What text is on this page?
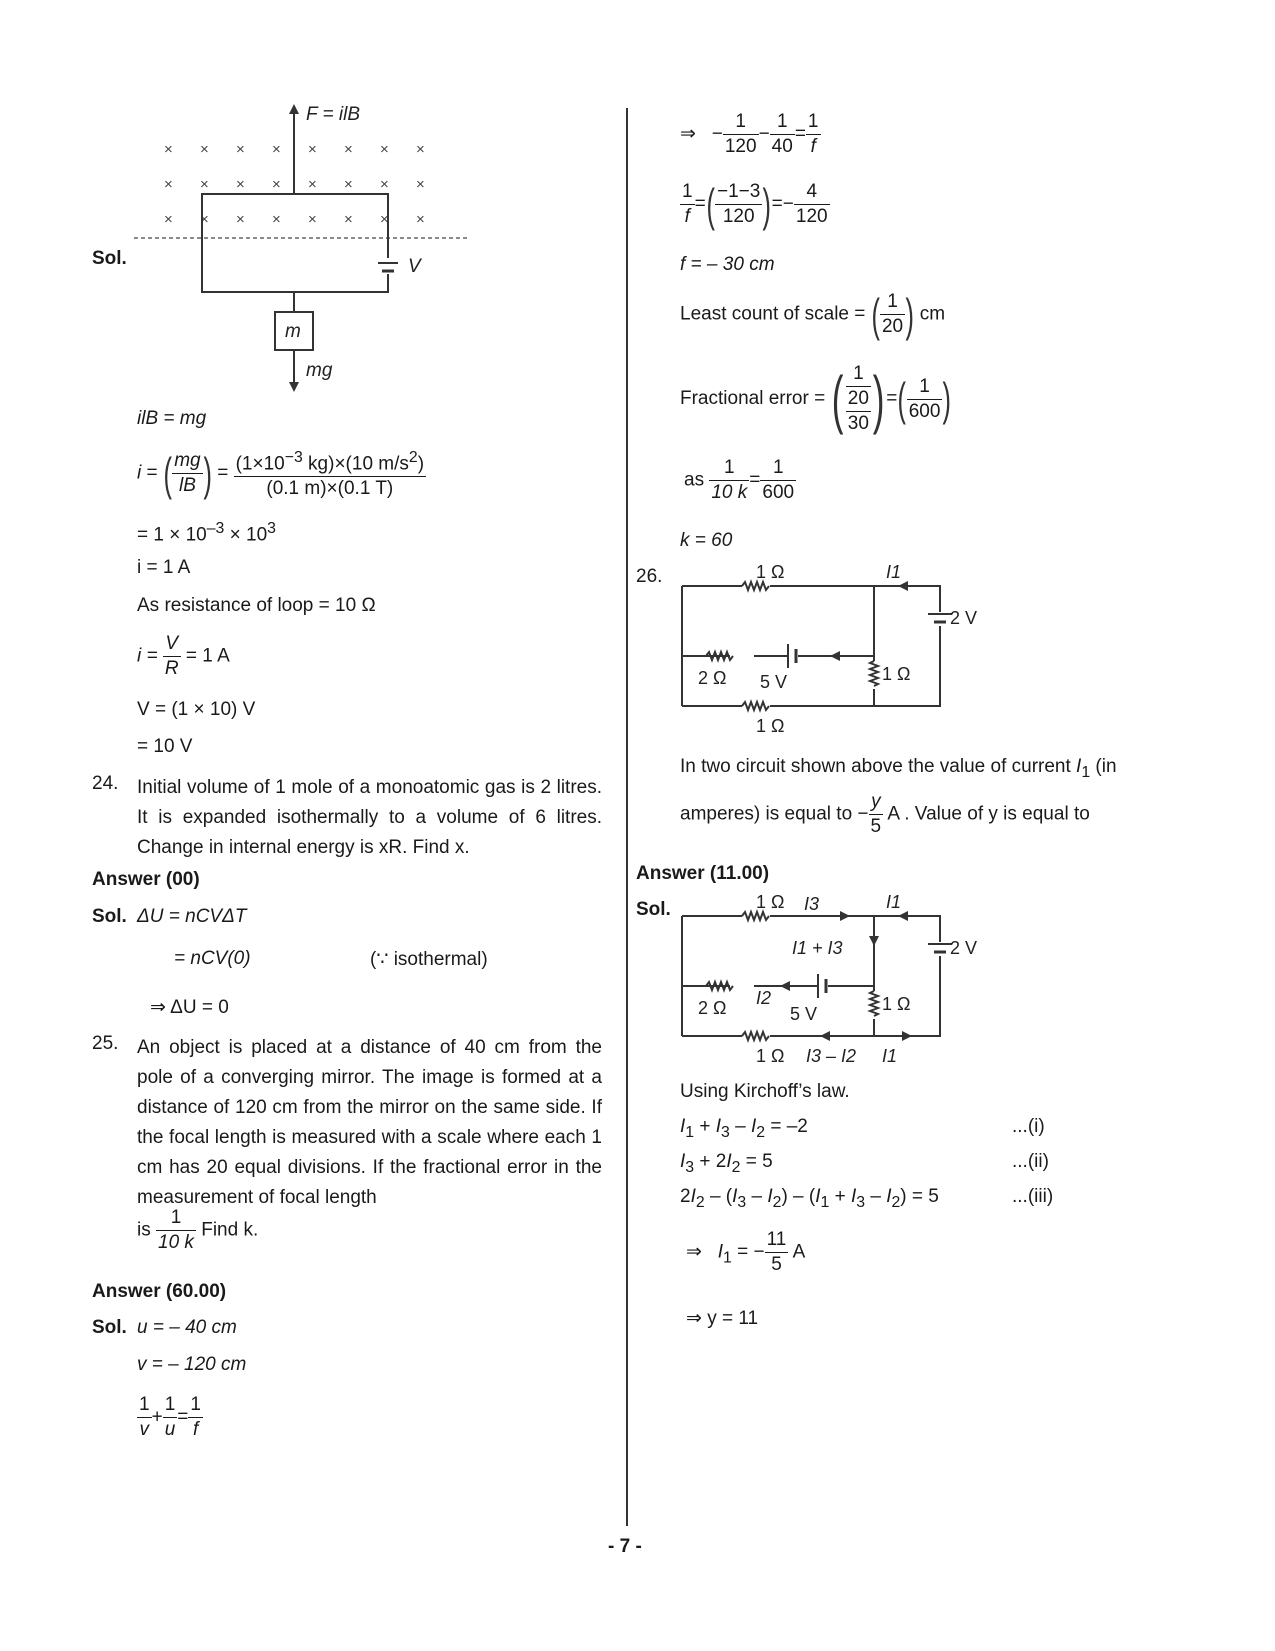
Sol.
× × × × × × × ×
× × × × × × × ×
× × × × × × × ×
V
F = ilB
m
mg
ilB = mg
i = ( $\frac{mg}{lB}$ ) = $\frac{(1\times 10^{-3} kg)\times(10 m/s^2)}{(0.1 m)\times(0.1 T)}$
= $1 \times 10^{-3} \times 10^3$
i = 1 A
As resistance of loop = 10 Ω
$i = \frac{V}{R} = 1$ A
V = (1 × 10) V
= 10 V
24. Initial volume of 1 mole of a monoatomic gas is 2 litres. It is expanded isothermally to a volume of 6 litres. Change in internal energy is xR. Find x.
Answer (00)
Sol. ΔU = nCVΔT
= nCV(0)	(∵ isothermal)
⇒ ΔU = 0
25. An object is placed at a distance of 40 cm from the pole of a converging mirror. The image is formed at a distance of 120 cm from the mirror on the same side. If the focal length is measured with a scale where each 1 cm has 20 equal divisions. If the fractional error in the measurement of focal length
is $\frac{1}{10 k}$ Find k.
Answer (60.00)
Sol. u = – 40 cm
v = – 120 cm
$\frac{1}{v} + \frac{1}{u} = \frac{1}{f}$
⇒   − $\frac{1}{120} - \frac{1}{40} = \frac{1}{f}$
$\frac{1}{f}$ =( $\frac{-1-3}{120}$ )=− $\frac{4}{120}$
f = – 30 cm
Least count of scale = ( $\frac{1}{20}$ ) cm
Fractional error = ( 1
20
30 )=( $\frac{1}{600}$ )
as $\frac{1}{10 k} = \frac{1}{600}$
k = 60
26.	1 Ω
2 Ω 5 V
1 Ω
1 Ω
2 V
I1
In two circuit shown above the value of current $I_1$ (in
amperes) is equal to − $\frac{y}{5}$ A . Value of y is equal to
Answer (11.00)
Sol.	1 Ω
2 Ω	5 V
1 Ω
1 Ω
2 V
I1
I3
I1 + I3
I2
I3 – I2 I1
Using Kirchoff’s law.
$I_1 + I_3 - I_2 = -2$	...(i)
$I_3 + 2I_2 = 5$	...(ii)
$2I_2 - (I_3 - I_2) - (I_1 + I_3 - I_2) = 5$	...(iii)
⇒ $I_1$ = − $\frac{11}{5}$ A
⇒ y = 11
- 7 -
